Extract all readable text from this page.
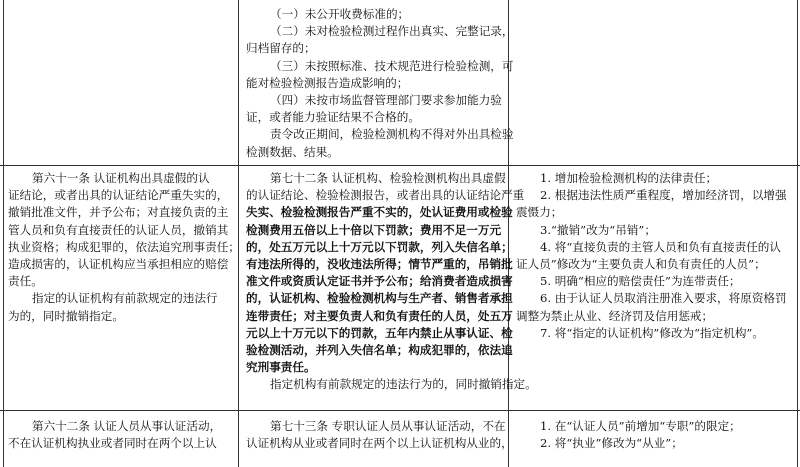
（一）未公开收费标准的；

（二）未对检验检测过程作出真实、完整记录，

归档留存的；

（三）未按照标准、技术规范进行检验检测，可

能对检验检测报告造成影响的；

（四）未按市场监督管理部门要求参加能力验

证，或者能力验证结果不合格的。

责令改正期间，检验检测机构不得对外出具检验

检测数据、结果。

第六十一条 认证机构出具虚假的认

证结论，或者出具的认证结论严重失实的，

撤销批准文件，并予公布；对直接负责的主

管人员和负有直接责任的认证人员，撤销其

执业资格；构成犯罪的，依法追究刑事责任；

造成损害的，认证机构应当承担相应的赔偿

责任。

指定的认证机构有前款规定的违法行

为的，同时撤销指定。

第七十二条 认证机构、检验检测机构出具虚假

的认证结论、检验检测报告，或者出具的认证结论严重

失实、检验检测报告严重不实的，处认证费用或检验

检测费用五倍以上十倍以下罚款；费用不足一万元

的，处五万元以上十万元以下罚款，列入失信名单；

有违法所得的，没收违法所得；情节严重的，吊销批

准文件或资质认定证书并予公布；给消费者造成损害

的，认证机构、检验检测机构与生产者、销售者承担

连带责任；对主要负责人和负有责任的人员，处五万

元以上十万元以下的罚款，五年内禁止从事认证、检

验检测活动，并列入失信名单；构成犯罪的，依法追

究刑事责任。

指定机构有前款规定的违法行为的，同时撤销指定。

1. 增加检验检测机构的法律责任；

2. 根据违法性质严重程度，增加经济罚，以增强

震慑力；

3.“撤销”改为“吊销”；

4. 将“直接负责的主管人员和负有直接责任的认

证人员”修改为“主要负责人和负有责任的人员”；

5. 明确“相应的赔偿责任”为连带责任；

6. 由于认证人员取消注册准入要求，将原资格罚

调整为禁止从业、经济罚及信用惩戒；

7. 将“指定的认证机构”修改为“指定机构”。

第六十二条 认证人员从事认证活动，

不在认证机构执业或者同时在两个以上认

第七十三条 专职认证人员从事认证活动，不在

认证机构从业或者同时在两个以上认证机构从业的，

1. 在“认证人员”前增加“专职”的限定；

2. 将“执业”修改为“从业”；
